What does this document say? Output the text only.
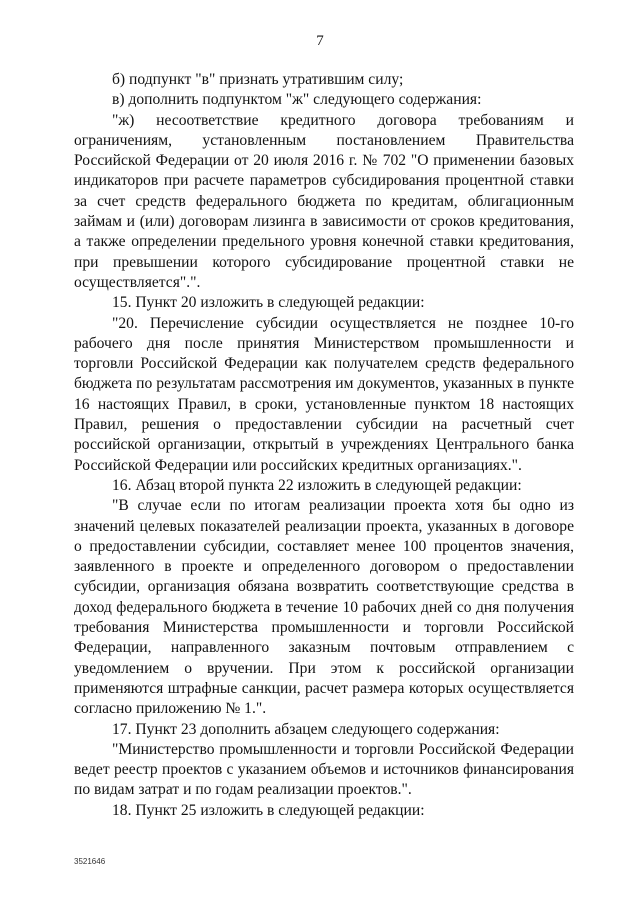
7

б) подпункт "в" признать утратившим силу;

в) дополнить подпунктом "ж" следующего содержания:

"ж) несоответствие кредитного договора требованиям и ограничениям, установленным постановлением Правительства Российской Федерации от 20 июля 2016 г. № 702 "О применении базовых индикаторов при расчете параметров субсидирования процентной ставки за счет средств федерального бюджета по кредитам, облигационным займам и (или) договорам лизинга в зависимости от сроков кредитования, а также определении предельного уровня конечной ставки кредитования, при превышении которого субсидирование процентной ставки не осуществляется".".

15. Пункт 20 изложить в следующей редакции:

"20. Перечисление субсидии осуществляется не позднее 10-го рабочего дня после принятия Министерством промышленности и торговли Российской Федерации как получателем средств федерального бюджета по результатам рассмотрения им документов, указанных в пункте 16 настоящих Правил, в сроки, установленные пунктом 18 настоящих Правил, решения о предоставлении субсидии на расчетный счет российской организации, открытый в учреждениях Центрального банка Российской Федерации или российских кредитных организациях.".

16. Абзац второй пункта 22 изложить в следующей редакции:

"В случае если по итогам реализации проекта хотя бы одно из значений целевых показателей реализации проекта, указанных в договоре о предоставлении субсидии, составляет менее 100 процентов значения, заявленного в проекте и определенного договором о предоставлении субсидии, организация обязана возвратить соответствующие средства в доход федерального бюджета в течение 10 рабочих дней со дня получения требования Министерства промышленности и торговли Российской Федерации, направленного заказным почтовым отправлением с уведомлением о вручении. При этом к российской организации применяются штрафные санкции, расчет размера которых осуществляется согласно приложению № 1.".

17. Пункт 23 дополнить абзацем следующего содержания:

"Министерство промышленности и торговли Российской Федерации ведет реестр проектов с указанием объемов и источников финансирования по видам затрат и по годам реализации проектов.".

18. Пункт 25 изложить в следующей редакции:

3521646
